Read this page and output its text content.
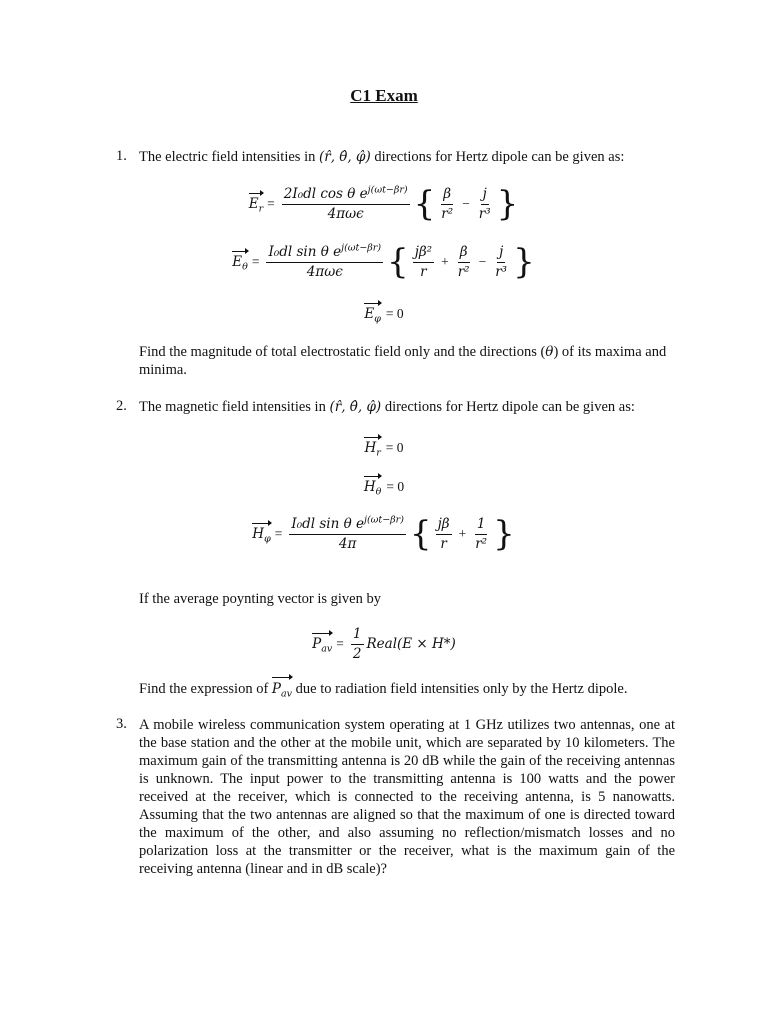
C1 Exam
1. The electric field intensities in (r̂, θ̂, φ̂) directions for Hertz dipole can be given as:
$E_r = \frac{2I_0dl \cos \theta e^{j(\omega t-\beta r)}}{\text{4πωϵ}}$ { $\frac{\beta}{\text{r²}} - \frac{j}{\text{r³}}$ }
$E_\theta = \frac{I_0dl \sin \theta e^{j(\omega t-\beta r)}}{\text{4πωϵ}}$ { $\frac{\text{jβ²}}{r} + \frac{\beta}{\text{r²}} - \frac{j}{\text{r³}}$ }
$E_\varphi = 0$
Find the magnitude of total electrostatic field only and the directions (θ) of its maxima and minima.
2. The magnetic field intensities in (r̂, θ̂, φ̂) directions for Hertz dipole can be given as:
$H_r = 0$
$H_\theta = 0$
$H_\varphi = \frac{I_0dl \sin \theta e^{j(\omega t-\beta r)}}{4\pi}$ { $\frac{j\beta}{r} + \frac{1}{\text{r²}}$ }
If the average poynting vector is given by
$P_{av} = \frac{1}{2}$ Real(E × H*)
Find the expression of $P_{av}$ due to radiation field intensities only by the Hertz dipole.
3. A mobile wireless communication system operating at 1 GHz utilizes two antennas, one at the base station and the other at the mobile unit, which are separated by 10 kilometers. The maximum gain of the transmitting antenna is 20 dB while the gain of the receiving antennas is unknown. The input power to the transmitting antenna is 100 watts and the power received at the receiver, which is connected to the receiving antenna, is 5 nanowatts. Assuming that the two antennas are aligned so that the maximum of one is directed toward the maximum of the other, and also assuming no reflection/mismatch losses and no polarization loss at the transmitter or the receiver, what is the maximum gain of the receiving antenna (linear and in dB scale)?
